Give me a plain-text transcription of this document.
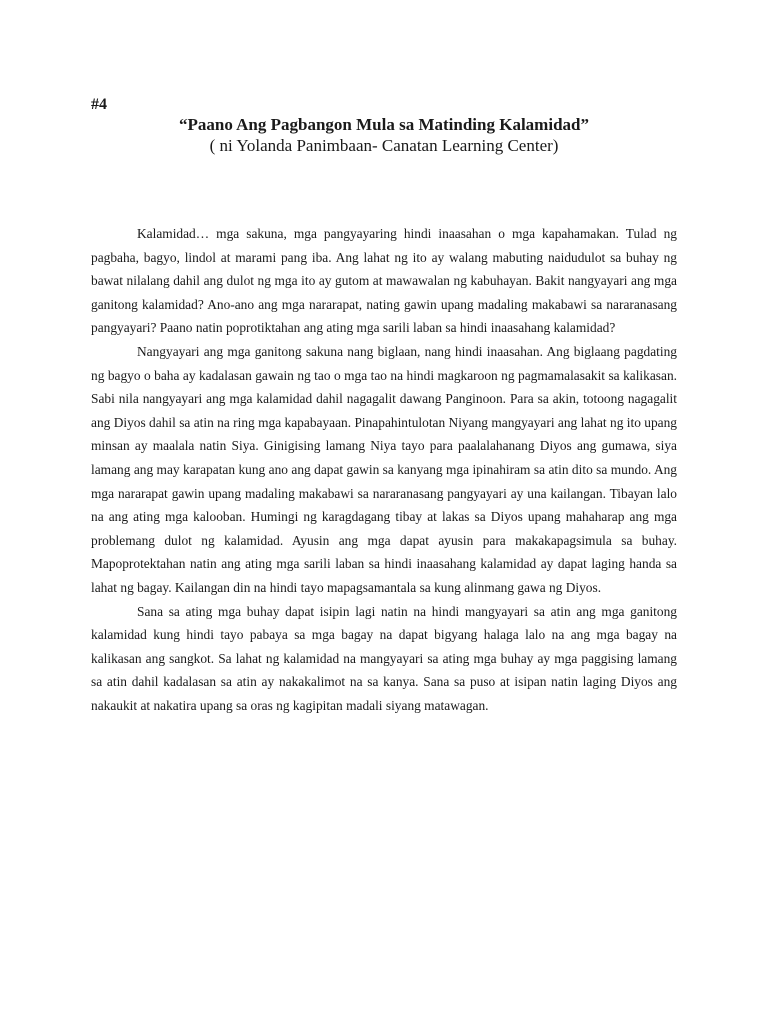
#4
“Paano Ang Pagbangon Mula sa Matinding Kalamidad”
( ni Yolanda Panimbaan- Canatan Learning Center)

Kalamidad… mga sakuna, mga pangyayaring hindi inaasahan o mga kapahamakan. Tulad ng pagbaha, bagyo, lindol at marami pang iba. Ang lahat ng ito ay walang mabuting naidudulot sa buhay ng bawat nilalang dahil ang dulot ng mga ito ay gutom at mawawalan ng kabuhayan. Bakit nangyayari ang mga ganitong kalamidad? Ano-ano ang mga nararapat, nating gawin upang madaling makabawi sa nararanasang pangyayari? Paano natin poprotiktahan ang ating mga sarili laban sa hindi inaasahang kalamidad?

Nangyayari ang mga ganitong sakuna nang biglaan, nang hindi inaasahan. Ang biglaang pagdating ng bagyo o baha ay kadalasan gawain ng tao o mga tao na hindi magkaroon ng pagmamalasakit sa kalikasan. Sabi nila nangyayari ang mga kalamidad dahil nagagalit dawang Panginoon. Para sa akin, totoong nagagalit ang Diyos dahil sa atin na ring mga kapabayaan. Pinapahintulotan Niyang mangyayari ang lahat ng ito upang minsan ay maalala natin Siya. Ginigising lamang Niya tayo para paalalahanang Diyos ang gumawa, siya lamang ang may karapatan kung ano ang dapat gawin sa kanyang mga ipinahiram sa atin dito sa mundo. Ang mga nararapat gawin upang madaling makabawi sa nararanasang pangyayari ay una kailangan. Tibayan lalo na ang ating mga kalooban. Humingi ng karagdagang tibay at lakas sa Diyos upang mahaharap ang mga problemang dulot ng kalamidad. Ayusin ang mga dapat ayusin para makakapagsimula sa buhay. Mapoprotektahan natin ang ating mga sarili laban sa hindi inaasahang kalamidad ay dapat laging handa sa lahat ng bagay. Kailangan din na hindi tayo mapagsamantala sa kung alinmang gawa ng Diyos.

Sana sa ating mga buhay dapat isipin lagi natin na hindi mangyayari sa atin ang mga ganitong kalamidad kung hindi tayo pabaya sa mga bagay na dapat bigyang halaga lalo na ang mga bagay na kalikasan ang sangkot. Sa lahat ng kalamidad na mangyayari sa ating mga buhay ay mga paggising lamang sa atin dahil kadalasan sa atin ay nakakalimot na sa kanya. Sana sa puso at isipan natin laging Diyos ang nakaukit at nakatira upang sa oras ng kagipitan madali siyang matawagan.
